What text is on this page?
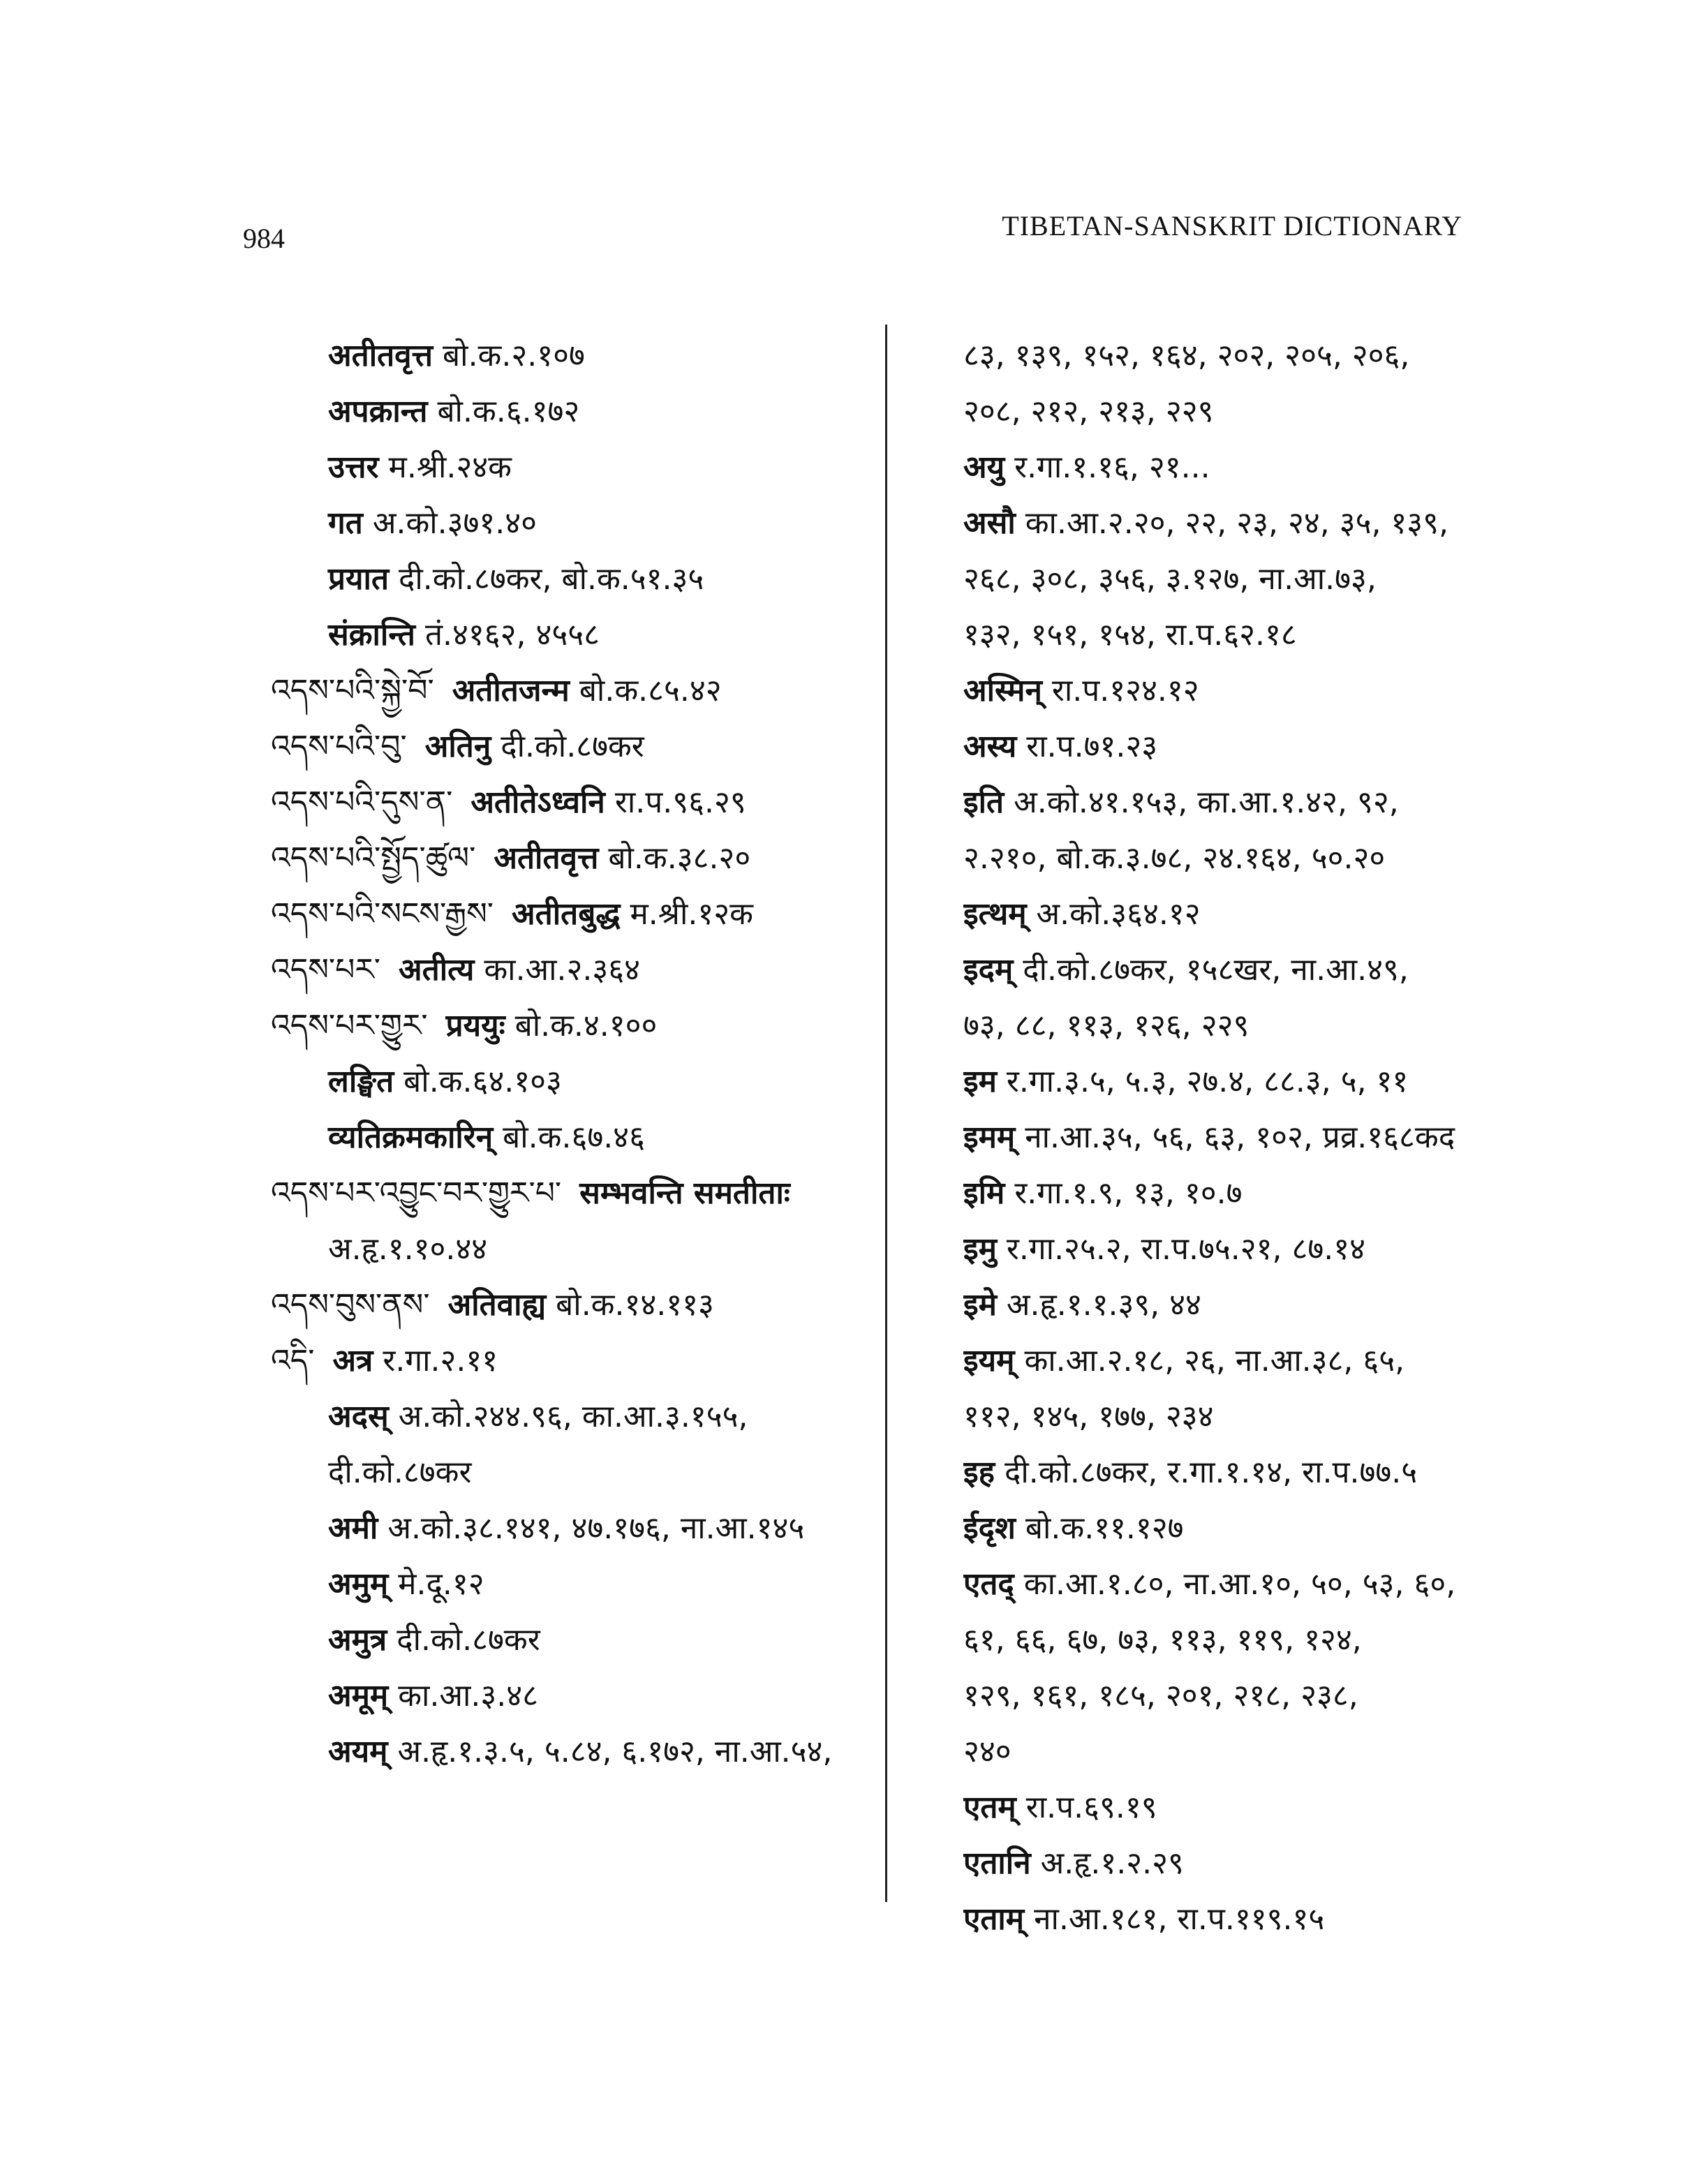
984	TIBETAN-SANSKRIT DICTIONARY
अतीतवृत्त बो.क.२.१०७
अपक्रान्त बो.क.६.१७२
उत्तर म.श्री.२४क
गत अ.को.३७१.४०
प्रयात दी.को.८७कर, बो.क.५१.३५
संक्रान्ति तं.४१६२, ४५५८
འདས་པའི་སྐྱེ་བོ་ अतीतजन्म बो.क.८५.४२
འདས་པའི་བུ་ अतिनु दी.को.८७कर
འདས་པའི་དུས་ན་ अतीतेऽध्वनि रा.प.९६.२९
འདས་པའི་སྤྱོད་ཚུལ་ अतीतवृत्त बो.क.३८.२०
འདས་པའི་སངས་རྒྱས་ अतीतबुद्ध म.श्री.१२क
འདས་པར་ अतीत्य का.आ.२.३६४
འདས་པར་གྱུར་ प्रययुः बो.क.४.१००
लङ्घित बो.क.६४.१०३
व्यतिक्रमकारिन् बो.क.६७.४६
འདས་པར་འབྱུང་བར་གྱུར་པ་ सम्भवन्ति समतीताः
अ.हृ.१.१०.४४
འདས་བུས་ནས་ अतिवाह्य बो.क.१४.११३
འདི་ अत्र र.गा.२.११
अदस् अ.को.२४४.९६, का.आ.३.१५५,
दी.को.८७कर
अमी अ.को.३८.१४१, ४७.१७६, ना.आ.१४५
अमुम् मे.दू.१२
अमुत्र दी.को.८७कर
अमूम् का.आ.३.४८
अयम् अ.हृ.१.३.५, ५.८४, ६.१७२, ना.आ.५४,
८३, १३९, १५२, १६४, २०२, २०५, २०६,
२०८, २१२, २१३, २२९
अयु र.गा.१.१६, २१...
असौ का.आ.२.२०, २२, २३, २४, ३५, १३९,
२६८, ३०८, ३५६, ३.१२७, ना.आ.७३,
१३२, १५१, १५४, रा.प.६२.१८
अस्मिन् रा.प.१२४.१२
अस्य रा.प.७१.२३
इति अ.को.४१.१५३, का.आ.१.४२, ९२,
२.२१०, बो.क.३.७८, २४.१६४, ५०.२०
इत्थम् अ.को.३६४.१२
इदम् दी.को.८७कर, १५८खर, ना.आ.४९,
७३, ८८, ११३, १२६, २२९
इम र.गा.३.५, ५.३, २७.४, ८८.३, ५, ११
इमम् ना.आ.३५, ५६, ६३, १०२, प्रव्र.१६८कद
इमि र.गा.१.९, १३, १०.७
इमु र.गा.२५.२, रा.प.७५.२१, ८७.१४
इमे अ.हृ.१.१.३९, ४४
इयम् का.आ.२.१८, २६, ना.आ.३८, ६५,
११२, १४५, १७७, २३४
इह दी.को.८७कर, र.गा.१.१४, रा.प.७७.५
ईदृश बो.क.११.१२७
एतद् का.आ.१.८०, ना.आ.१०, ५०, ५३, ६०,
६१, ६६, ६७, ७३, ११३, ११९, १२४,
१२९, १६१, १८५, २०१, २१८, २३८,
२४०
एतम् रा.प.६९.१९
एतानि अ.हृ.१.२.२९
एताम् ना.आ.१८१, रा.प.११९.१५
